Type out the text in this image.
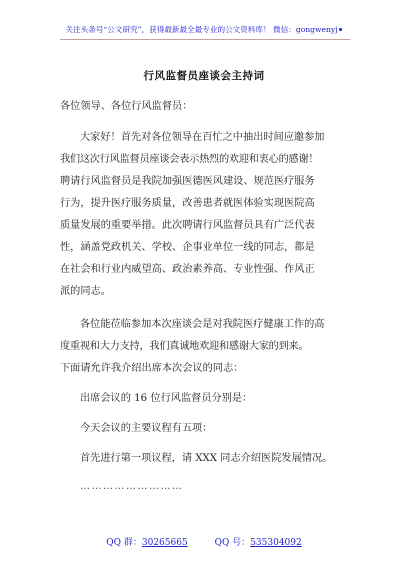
关注头条号“公文研究”，获得最新最全最专业的公文资料库！ 微信：gongwenyj
行风监督员座谈会主持词
各位领导、各位行风监督员：
大家好！首先对各位领导在百忙之中抽出时间应邀参加
我们这次行风监督员座谈会表示热烈的欢迎和衷心的感谢！
聘请行风监督员是我院加强医德医风建设、规范医疗服务
行为，提升医疗服务质量，改善患者就医体验实现医院高
质量发展的重要举措。此次聘请行风监督员具有广泛代表
性，涵盖党政机关、学校、企事业单位一线的同志，都是
在社会和行业内威望高、政治素养高、专业性强、作风正
派的同志。
各位能莅临参加本次座谈会是对我院医疗健康工作的高
度重视和大力支持，我们真诚地欢迎和感谢大家的到来。
下面请允许我介绍出席本次会议的同志：
出席会议的 16 位行风监督员分别是：
今天会议的主要议程有五项：
首先进行第一项议程，请 XXX 同志介绍医院发展情况。
………………………
QQ 群：30265665	QQ 号：535304092
